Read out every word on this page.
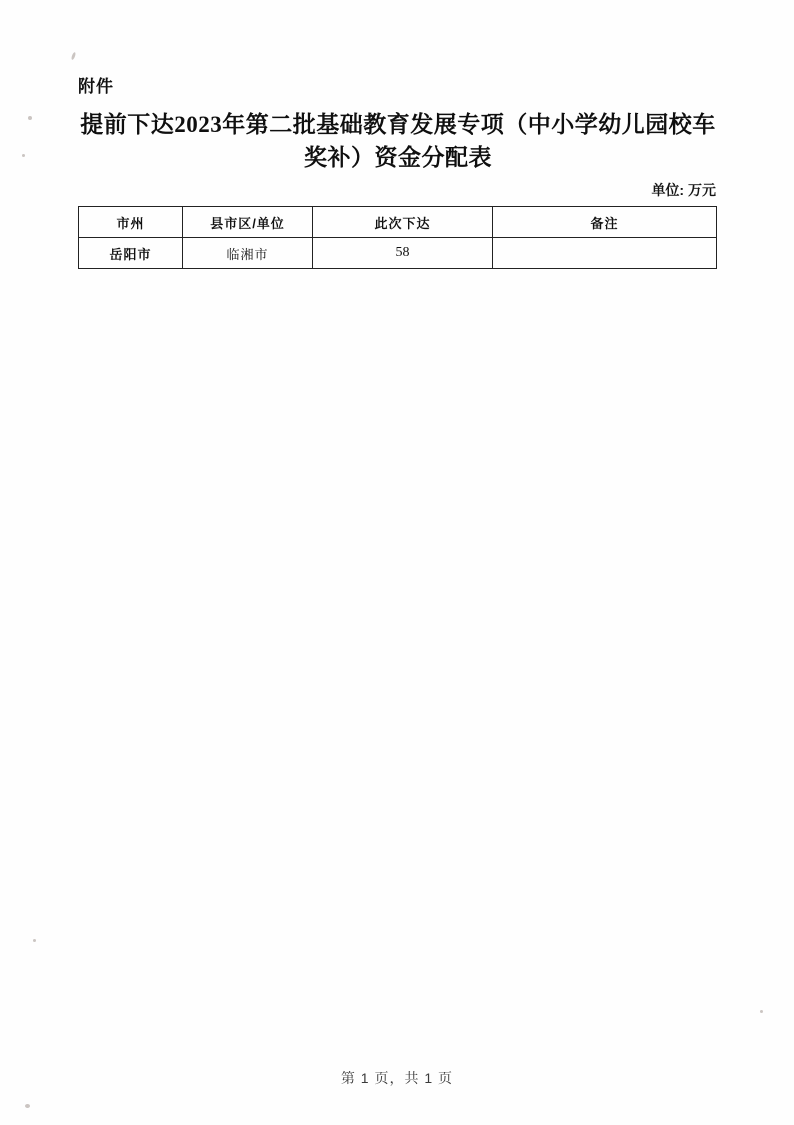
附件
提前下达2023年第二批基础教育发展专项（中小学幼儿园校车奖补）资金分配表
单位: 万元
市州	县市区/单位	此次下达	备注
岳阳市	临湘市	58	
第 1 页，共 1 页
